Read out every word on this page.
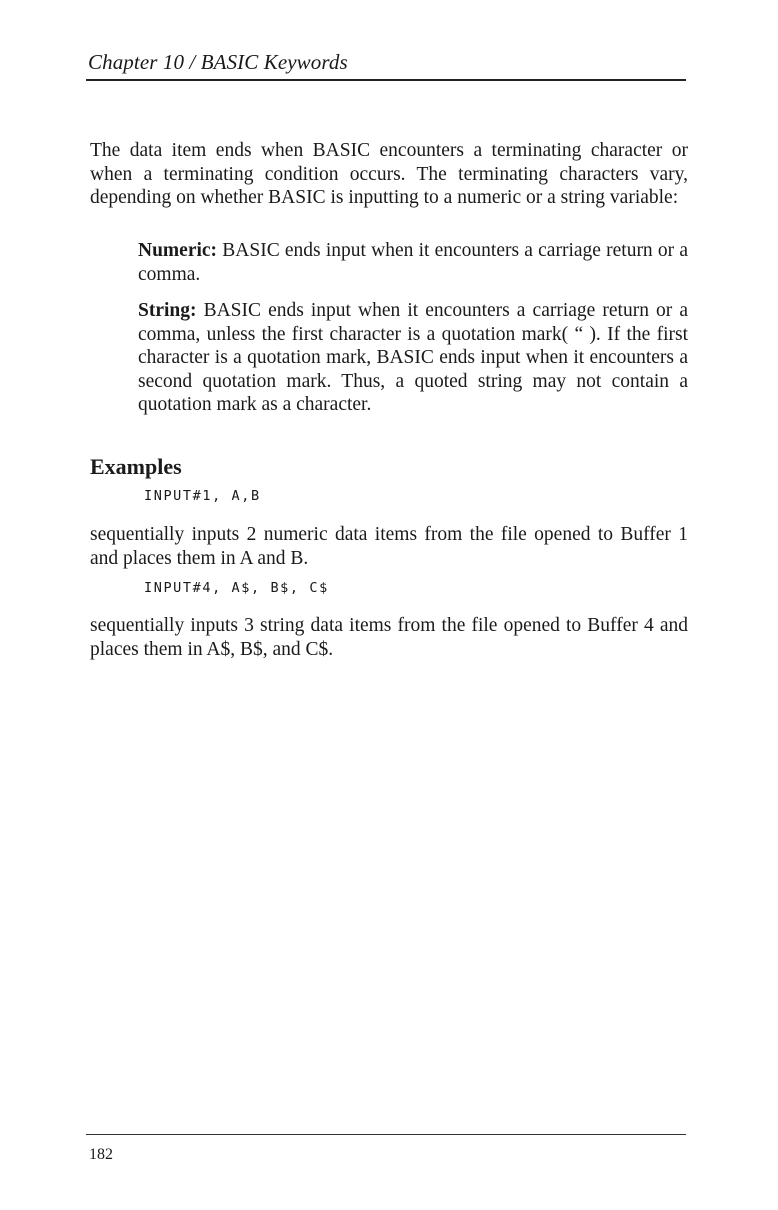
Chapter 10 / BASIC Keywords

The data item ends when BASIC encounters a terminating character or when a terminating condition occurs. The terminating characters vary, depending on whether BASIC is inputting to a numeric or a string variable:

Numeric: BASIC ends input when it encounters a carriage return or a comma.

String: BASIC ends input when it encounters a carriage return or a comma, unless the first character is a quotation mark( “ ). If the first character is a quotation mark, BASIC ends input when it encounters a second quotation mark. Thus, a quoted string may not contain a quotation mark as a character.

Examples
INPUT#1, A,B

sequentially inputs 2 numeric data items from the file opened to Buffer 1 and places them in A and B.

INPUT#4, A$, B$, C$

sequentially inputs 3 string data items from the file opened to Buffer 4 and places them in A$, B$, and C$.

182
